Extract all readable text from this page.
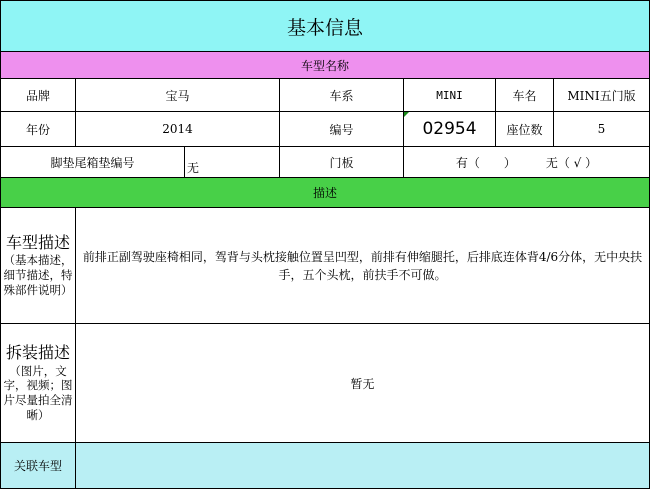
基本信息
车型名称
品牌	宝马	车系	MINI	车名	MINI五门版
年份	2014	编号	02954	座位数	5
脚垫尾箱垫编号	无	门板	有（　　）	无（ √ ）
描述
车型描述
（基本描述，细节描述，特殊部件说明）
前排正副驾驶座椅相同，驾背与头枕接触位置呈凹型，前排有伸缩腿托，后排底连体背4/6分体，无中央扶手，五个头枕，前扶手不可做。
拆装描述
（图片，文字，视频；图片尽量拍全清晰）
暂无
关联车型
